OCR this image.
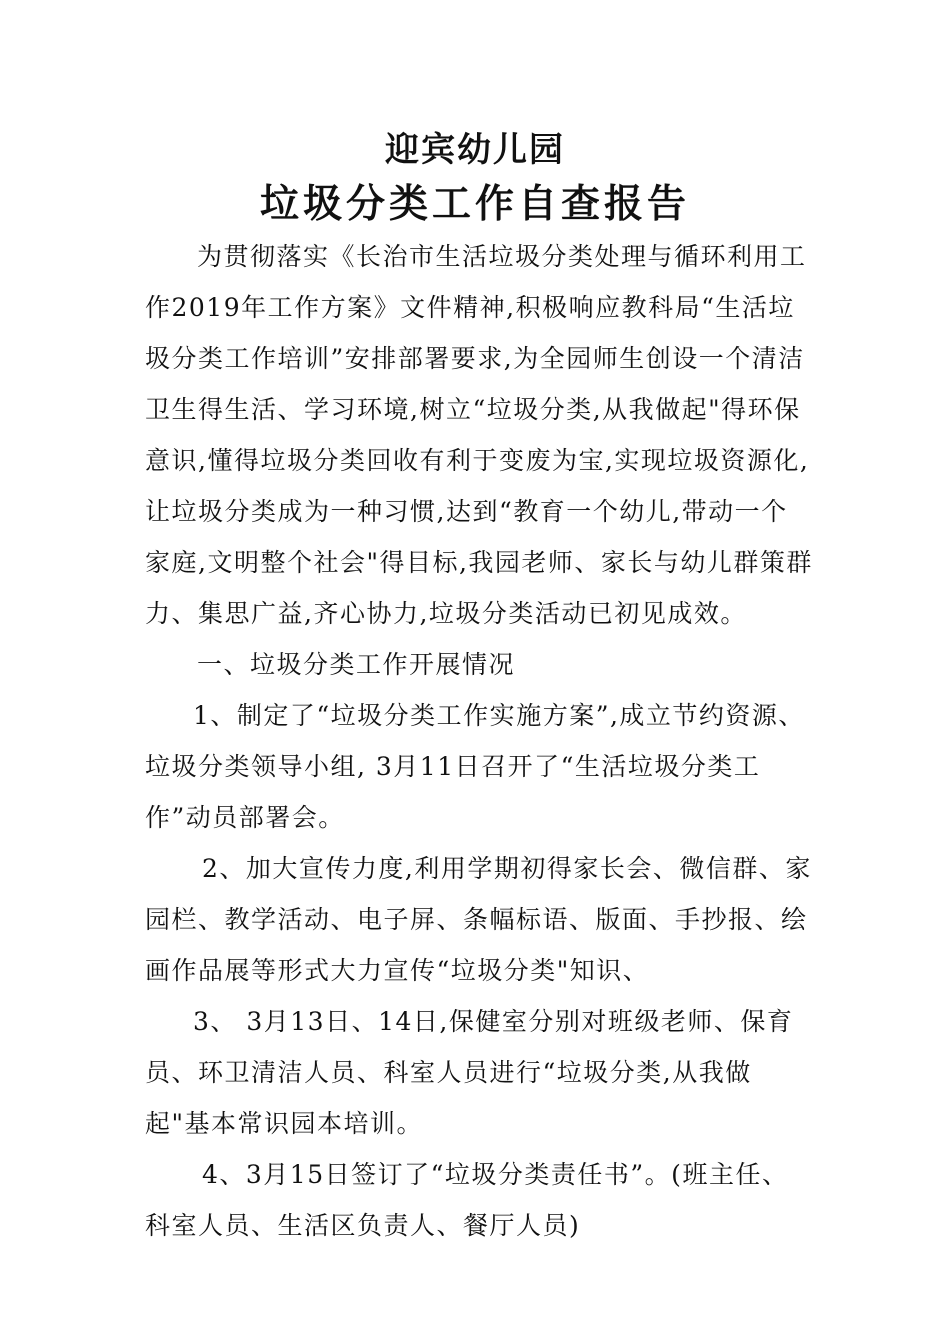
迎宾幼儿园
垃圾分类工作自查报告
为贯彻落实《长治市生活垃圾分类处理与循环利用工
作2019年工作方案》文件精神,积极响应教科局“生活垃
圾分类工作培训”安排部署要求,为全园师生创设一个清洁
卫生得生活、学习环境,树立“垃圾分类,从我做起"得环保
意识,懂得垃圾分类回收有利于变废为宝,实现垃圾资源化,
让垃圾分类成为一种习惯,达到“教育一个幼儿,带动一个
家庭,文明整个社会"得目标,我园老师、家长与幼儿群策群
力、集思广益,齐心协力,垃圾分类活动已初见成效。
一、垃圾分类工作开展情况
1、制定了“垃圾分类工作实施方案”,成立节约资源、
垃圾分类领导小组, 3月11日召开了“生活垃圾分类工
作”动员部署会。
2、加大宣传力度,利用学期初得家长会、微信群、家
园栏、教学活动、电子屏、条幅标语、版面、手抄报、绘
画作品展等形式大力宣传“垃圾分类"知识、
3、 3月13日、14日,保健室分别对班级老师、保育
员、环卫清洁人员、科室人员进行“垃圾分类,从我做
起"基本常识园本培训。
4、3月15日签订了“垃圾分类责任书”。(班主任、
科室人员、生活区负责人、餐厅人员)
